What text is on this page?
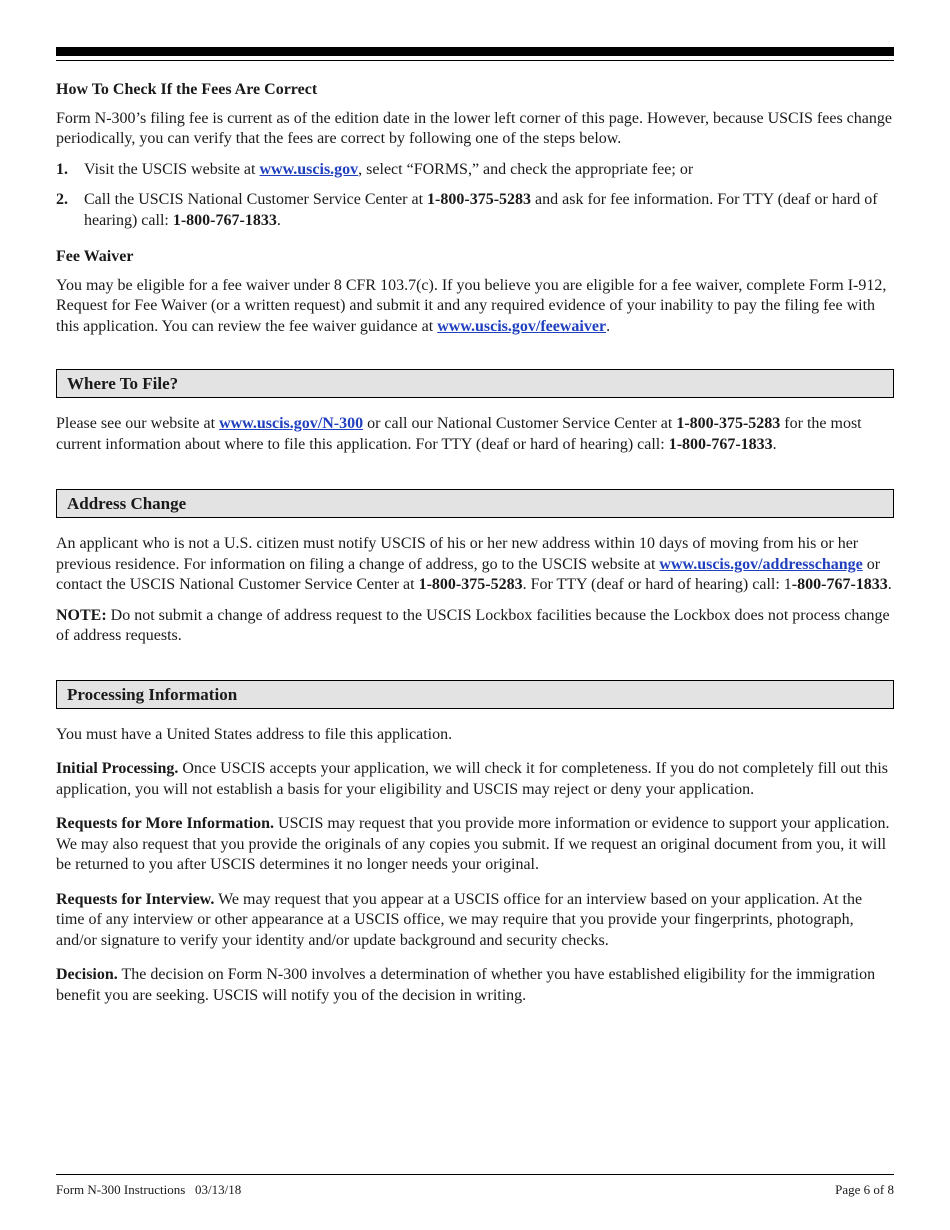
How To Check If the Fees Are Correct

Form N-300’s filing fee is current as of the edition date in the lower left corner of this page. However, because USCIS fees change periodically, you can verify that the fees are correct by following one of the steps below.

1.	Visit the USCIS website at www.uscis.gov, select “FORMS,” and check the appropriate fee; or
2.	Call the USCIS National Customer Service Center at 1-800-375-5283 and ask for fee information. For TTY (deaf or hard of hearing) call: 1-800-767-1833.
Fee Waiver

You may be eligible for a fee waiver under 8 CFR 103.7(c). If you believe you are eligible for a fee waiver, complete Form I-912, Request for Fee Waiver (or a written request) and submit it and any required evidence of your inability to pay the filing fee with this application. You can review the fee waiver guidance at www.uscis.gov/feewaiver.

Where To File?

Please see our website at www.uscis.gov/N-300 or call our National Customer Service Center at 1-800-375-5283 for the most current information about where to file this application. For TTY (deaf or hard of hearing) call: 1-800-767-1833.

Address Change

An applicant who is not a U.S. citizen must notify USCIS of his or her new address within 10 days of moving from his or her previous residence. For information on filing a change of address, go to the USCIS website at www.uscis.gov/addresschange or contact the USCIS National Customer Service Center at 1-800-375-5283. For TTY (deaf or hard of hearing) call: 1-800-767-1833.

NOTE: Do not submit a change of address request to the USCIS Lockbox facilities because the Lockbox does not process change of address requests.

Processing Information

You must have a United States address to file this application.

Initial Processing. Once USCIS accepts your application, we will check it for completeness. If you do not completely fill out this application, you will not establish a basis for your eligibility and USCIS may reject or deny your application.

Requests for More Information. USCIS may request that you provide more information or evidence to support your application. We may also request that you provide the originals of any copies you submit. If we request an original document from you, it will be returned to you after USCIS determines it no longer needs your original.

Requests for Interview. We may request that you appear at a USCIS office for an interview based on your application. At the time of any interview or other appearance at a USCIS office, we may require that you provide your fingerprints, photograph, and/or signature to verify your identity and/or update background and security checks.

Decision. The decision on Form N-300 involves a determination of whether you have established eligibility for the immigration benefit you are seeking. USCIS will notify you of the decision in writing.

Form N-300 Instructions   03/13/18	Page 6 of 8
